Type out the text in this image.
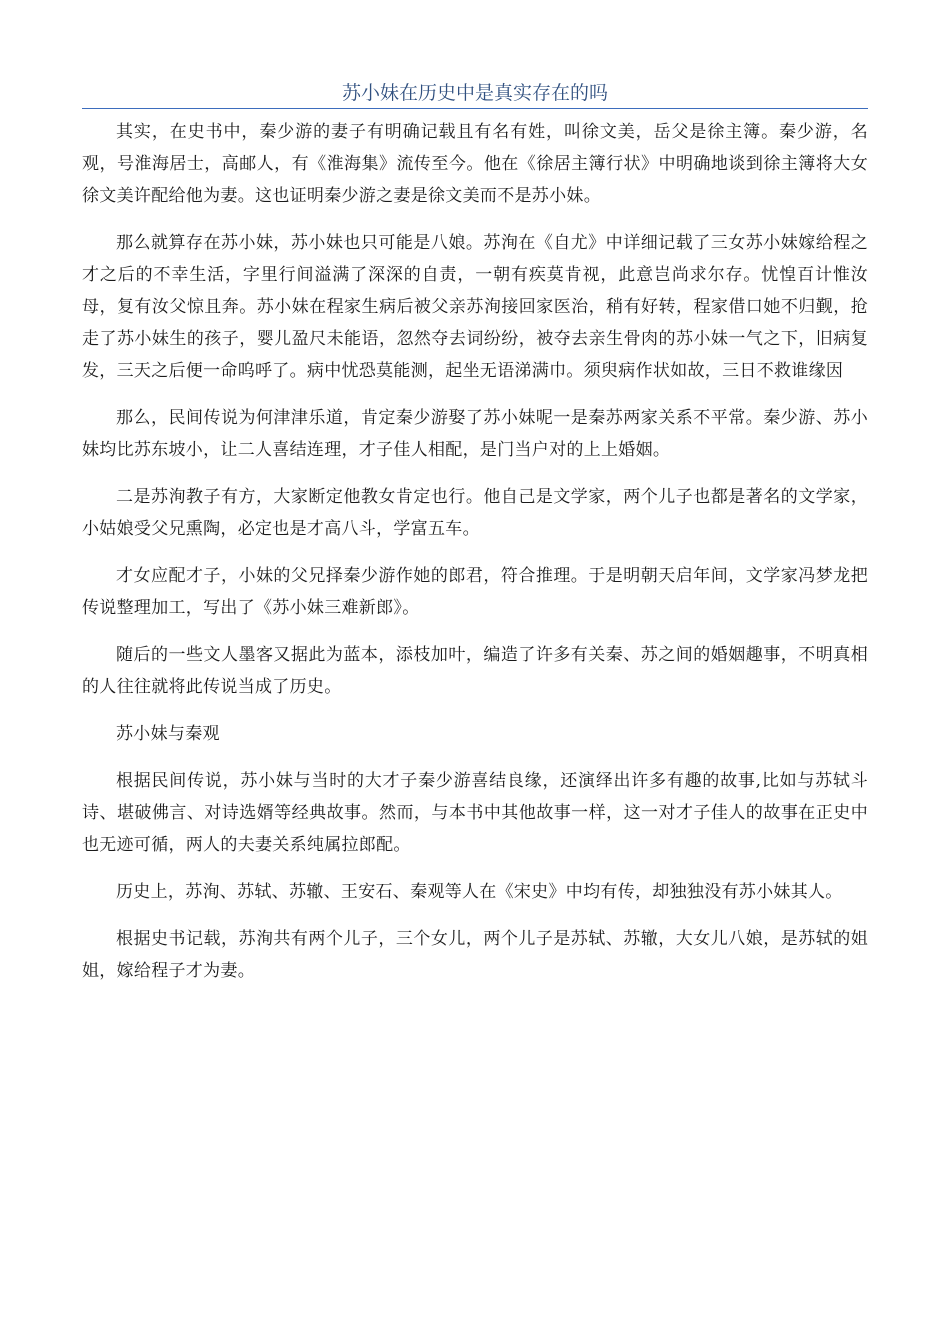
苏小妹在历史中是真实存在的吗

其实，在史书中，秦少游的妻子有明确记载且有名有姓，叫徐文美，岳父是徐主簿。秦少游，名观，号淮海居士，高邮人，有《淮海集》流传至今。他在《徐居主簿行状》中明确地谈到徐主簿将大女徐文美许配给他为妻。这也证明秦少游之妻是徐文美而不是苏小妹。

那么就算存在苏小妹，苏小妹也只可能是八娘。苏洵在《自尤》中详细记载了三女苏小妹嫁给程之才之后的不幸生活，字里行间溢满了深深的自责，一朝有疾莫肯视，此意岂尚求尔存。忧惶百计惟汝母，复有汝父惊且奔。苏小妹在程家生病后被父亲苏洵接回家医治，稍有好转，程家借口她不归觐，抢走了苏小妹生的孩子，婴儿盈尺未能语，忽然夺去词纷纷，被夺去亲生骨肉的苏小妹一气之下，旧病复发，三天之后便一命呜呼了。病中忧恐莫能测，起坐无语涕满巾。须臾病作状如故，三日不救谁缘因

那么，民间传说为何津津乐道，肯定秦少游娶了苏小妹呢一是秦苏两家关系不平常。秦少游、苏小妹均比苏东坡小，让二人喜结连理，才子佳人相配，是门当户对的上上婚姻。

二是苏洵教子有方，大家断定他教女肯定也行。他自己是文学家，两个儿子也都是著名的文学家，小姑娘受父兄熏陶，必定也是才高八斗，学富五车。

才女应配才子，小妹的父兄择秦少游作她的郎君，符合推理。于是明朝天启年间，文学家冯梦龙把传说整理加工，写出了《苏小妹三难新郎》。

随后的一些文人墨客又据此为蓝本，添枝加叶，编造了许多有关秦、苏之间的婚姻趣事，不明真相的人往往就将此传说当成了历史。

苏小妹与秦观

根据民间传说，苏小妹与当时的大才子秦少游喜结良缘，还演绎出许多有趣的故事,比如与苏轼斗诗、堪破佛言、对诗选婿等经典故事。然而，与本书中其他故事一样，这一对才子佳人的故事在正史中也无迹可循，两人的夫妻关系纯属拉郎配。

历史上，苏洵、苏轼、苏辙、王安石、秦观等人在《宋史》中均有传，却独独没有苏小妹其人。

根据史书记载，苏洵共有两个儿子，三个女儿，两个儿子是苏轼、苏辙，大女儿八娘，是苏轼的姐姐，嫁给程子才为妻。
